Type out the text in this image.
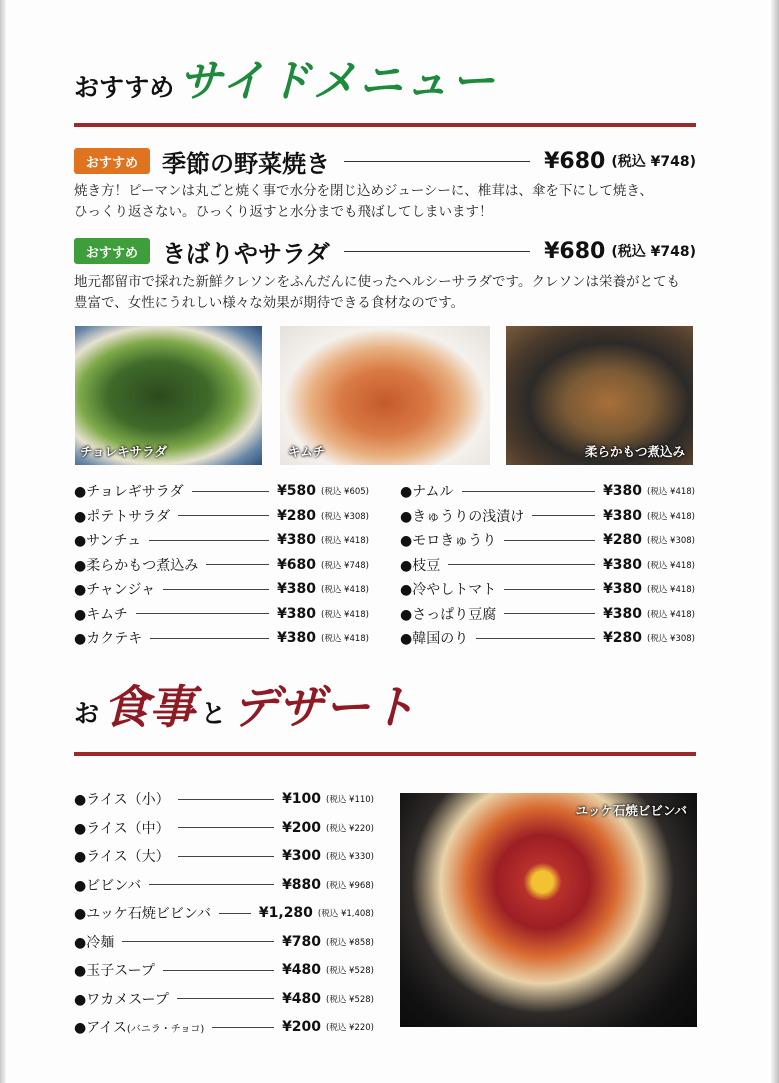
おすすめ サイドメニュー
おすすめ 季節の野菜焼き	¥680 (税込 ¥748)
焼き方！ピーマンは丸ごと焼く事で水分を閉じ込めジューシーに、椎茸は、傘を下にして焼き、
ひっくり返さない。ひっくり返すと水分までも飛ばしてしまいます！
おすすめ きばりやサラダ	¥680 (税込 ¥748)
地元都留市で採れた新鮮クレソンをふんだんに使ったヘルシーサラダです。クレソンは栄養がとても
豊富で、女性にうれしい様々な効果が期待できる食材なのです。
チョレキサラダ	キムチ	柔らかもつ煮込み
●チョレギサラダ	¥580 (税込 ¥605)
●ポテトサラダ	¥280 (税込 ¥308)
●サンチュ	¥380 (税込 ¥418)
●柔らかもつ煮込み	¥680 (税込 ¥748)
●チャンジャ	¥380 (税込 ¥418)
●キムチ	¥380 (税込 ¥418)
●カクテキ	¥380 (税込 ¥418)
●ナムル	¥380 (税込 ¥418)
●きゅうりの浅漬け	¥380 (税込 ¥418)
●モロきゅうり	¥280 (税込 ¥308)
●枝豆	¥380 (税込 ¥418)
●冷やしトマト	¥380 (税込 ¥418)
●さっぱり豆腐	¥380 (税込 ¥418)
●韓国のり	¥280 (税込 ¥308)
お 食事 と デザート
●ライス（小）	¥100 (税込 ¥110)
●ライス（中）	¥200 (税込 ¥220)
●ライス（大）	¥300 (税込 ¥330)
●ビビンバ	¥880 (税込 ¥968)
●ユッケ石焼ビビンバ	¥1,280 (税込 ¥1,408)
●冷麺	¥780 (税込 ¥858)
●玉子スープ	¥480 (税込 ¥528)
●ワカメスープ	¥480 (税込 ¥528)
●アイス (バニラ・チョコ)	¥200 (税込 ¥220)
ユッケ石焼ビビンバ
